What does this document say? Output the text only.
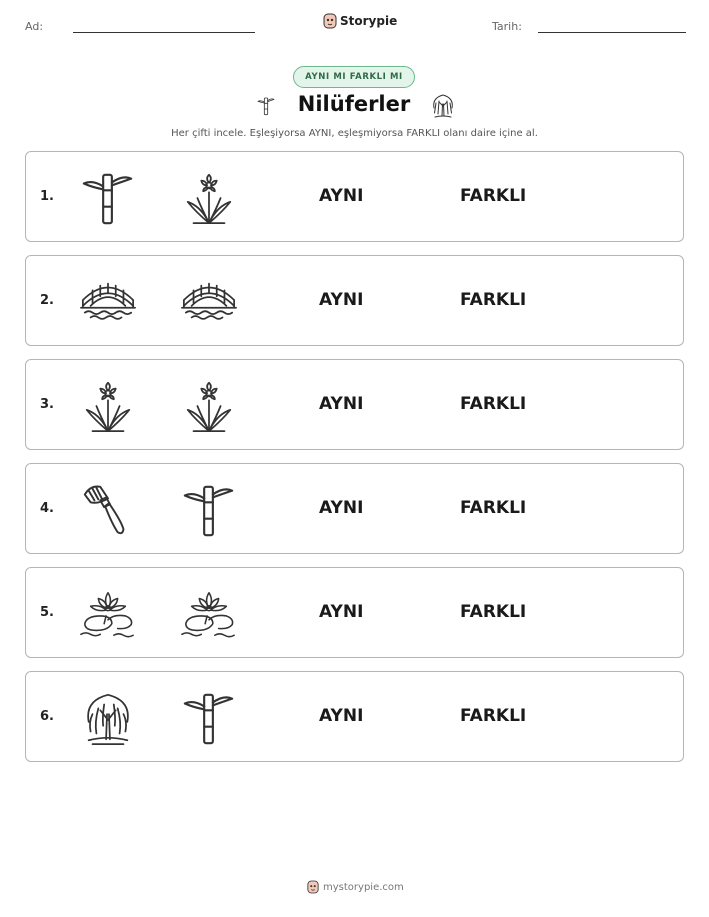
Ad:	Storypie	Tarih:
AYNI MI FARKLI MI
Nilüferler
Her çifti incele. Eşleşiyorsa AYNI, eşleşmiyorsa FARKLI olanı daire içine al.
1.	AYNI	FARKLI
2.	AYNI	FARKLI
3.	AYNI	FARKLI
4.	AYNI	FARKLI
5.	AYNI	FARKLI
6.	AYNI	FARKLI
mystorypie.com
